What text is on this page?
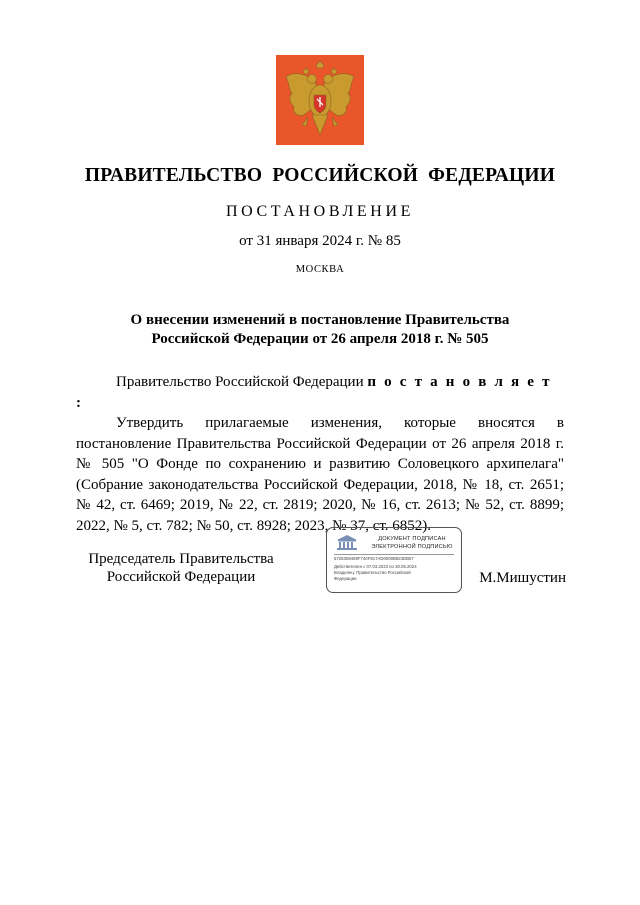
ПРАВИТЕЛЬСТВО РОССИЙСКОЙ ФЕДЕРАЦИИ
ПОСТАНОВЛЕНИЕ
от 31 января 2024 г. № 85
МОСКВА
О внесении изменений в постановление Правительства
Российской Федерации от 26 апреля 2018 г. № 505
Правительство Российской Федерации п о с т а н о в л я е т :
Утвердить прилагаемые изменения, которые вносятся в постановление Правительства Российской Федерации от 26 апреля 2018 г. № 505 "О Фонде по сохранению и развитию Соловецкого архипелага" (Собрание законодательства Российской Федерации, 2018, № 18, ст. 2651; № 42, ст. 6469; 2019, № 22, ст. 2819; 2020, № 16, ст. 2613; № 52, ст. 8899; 2022, № 5, ст. 782; № 50, ст. 8928; 2023, № 37, ст. 6852).
Председатель Правительства
Российской Федерации
ДОКУМЕНТ ПОДПИСАН
ЭЛЕКТРОННОЙ ПОДПИСЬЮ
5725359469F740F817AD0000B823DB57
Действителен с 07.03.2023 по 30.05.2024
Владелец: Правительство Российской
Федерации	М.Мишустин
